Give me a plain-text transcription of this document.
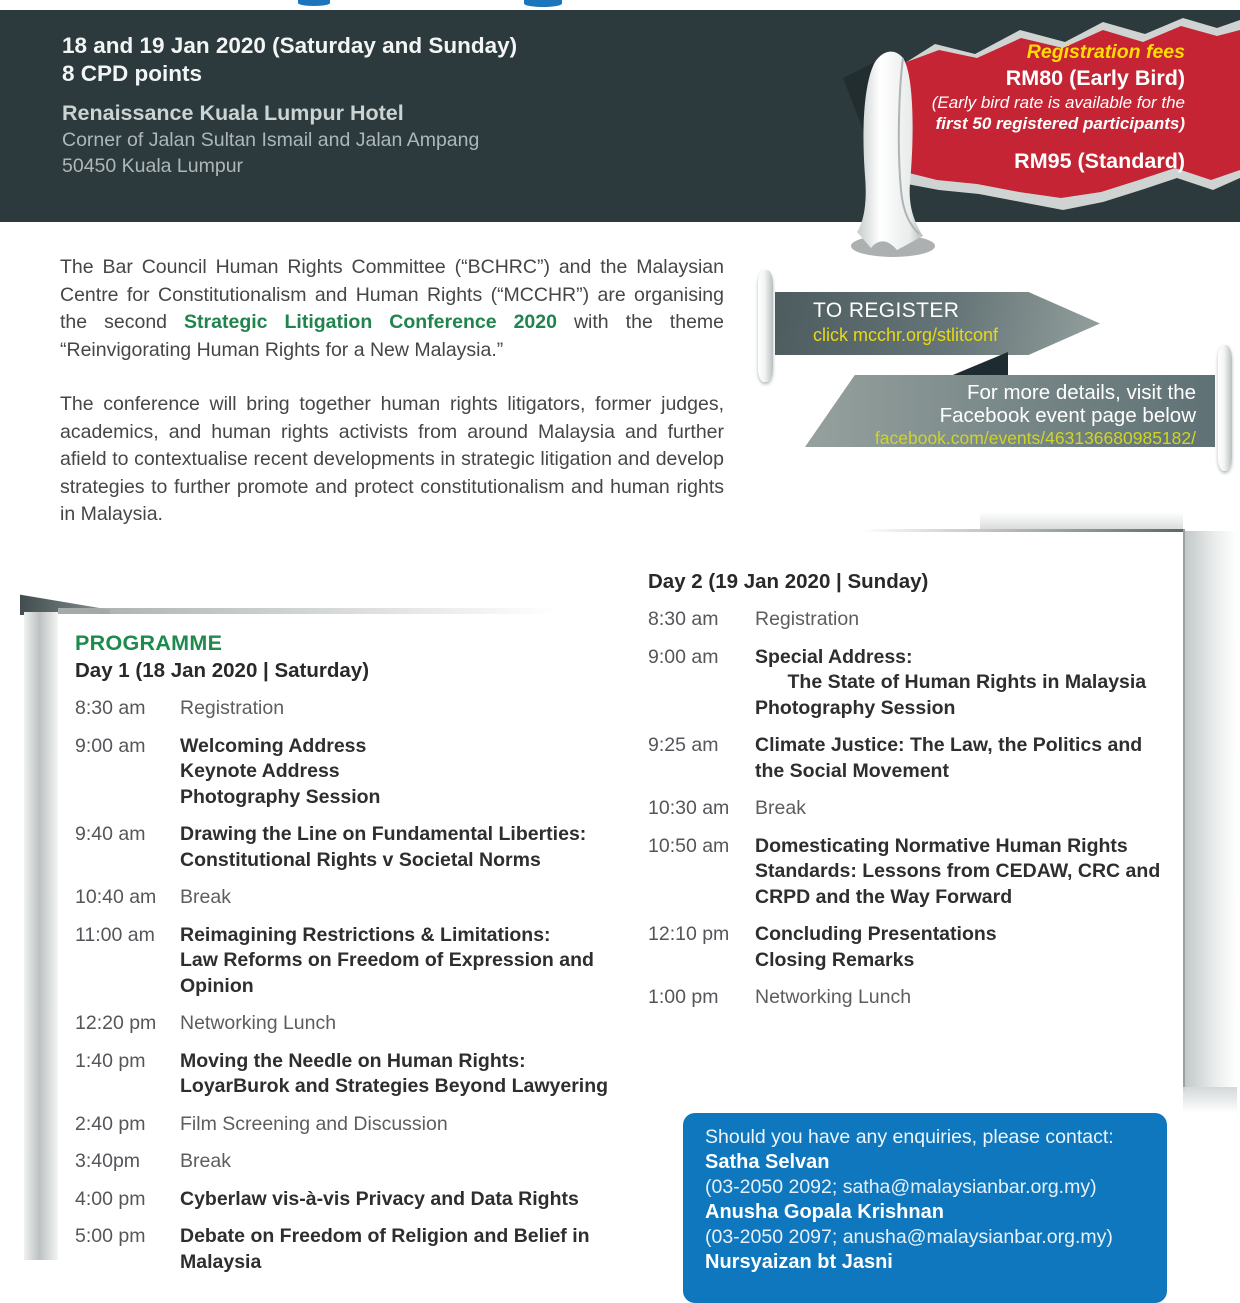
18 and 19 Jan 2020 (Saturday and Sunday)
8 CPD points
Renaissance Kuala Lumpur Hotel
Corner of Jalan Sultan Ismail and Jalan Ampang
50450 Kuala Lumpur
Registration fees
RM80 (Early Bird)
(Early bird rate is available for the
first 50 registered participants)
RM95 (Standard)

The Bar Council Human Rights Committee (“BCHRC”) and the Malaysian Centre for Constitutionalism and Human Rights (“MCCHR”) are organising the second Strategic Litigation Conference 2020 with the theme “Reinvigorating Human Rights for a New Malaysia.”

The conference will bring together human rights litigators, former judges, academics, and human rights activists from around Malaysia and further afield to contextualise recent developments in strategic litigation and develop strategies to further promote and protect constitutionalism and human rights in Malaysia.

TO REGISTER
click mcchr.org/stlitconf
For more details, visit the
Facebook event page below
facebook.com/events/463136680985182/
Day 2 (19 Jan 2020 | Sunday)
8:30 am	Registration
9:00 am	Special Address:
The State of Human Rights in Malaysia
Photography Session
9:25 am	Climate Justice: The Law, the Politics and
the Social Movement
10:30 am	Break
10:50 am	Domesticating Normative Human Rights
Standards: Lessons from CEDAW, CRC and
CRPD and the Way Forward
12:10 pm	Concluding Presentations
Closing Remarks
1:00 pm	Networking Lunch
PROGRAMME
Day 1 (18 Jan 2020 | Saturday)
8:30 am	Registration
9:00 am	Welcoming Address
Keynote Address
Photography Session
9:40 am	Drawing the Line on Fundamental Liberties:
Constitutional Rights v Societal Norms
10:40 am	Break
11:00 am	Reimagining Restrictions & Limitations:
Law Reforms on Freedom of Expression and
Opinion
12:20 pm	Networking Lunch
1:40 pm	Moving the Needle on Human Rights:
LoyarBurok and Strategies Beyond Lawyering
2:40 pm	Film Screening and Discussion
3:40pm	Break
4:00 pm	Cyberlaw vis-à-vis Privacy and Data Rights
5:00 pm	Debate on Freedom of Religion and Belief in
Malaysia
Should you have any enquiries, please contact:
Satha Selvan
(03-2050 2092; satha@malaysianbar.org.my)
Anusha Gopala Krishnan
(03-2050 2097; anusha@malaysianbar.org.my)
Nursyaizan bt Jasni
